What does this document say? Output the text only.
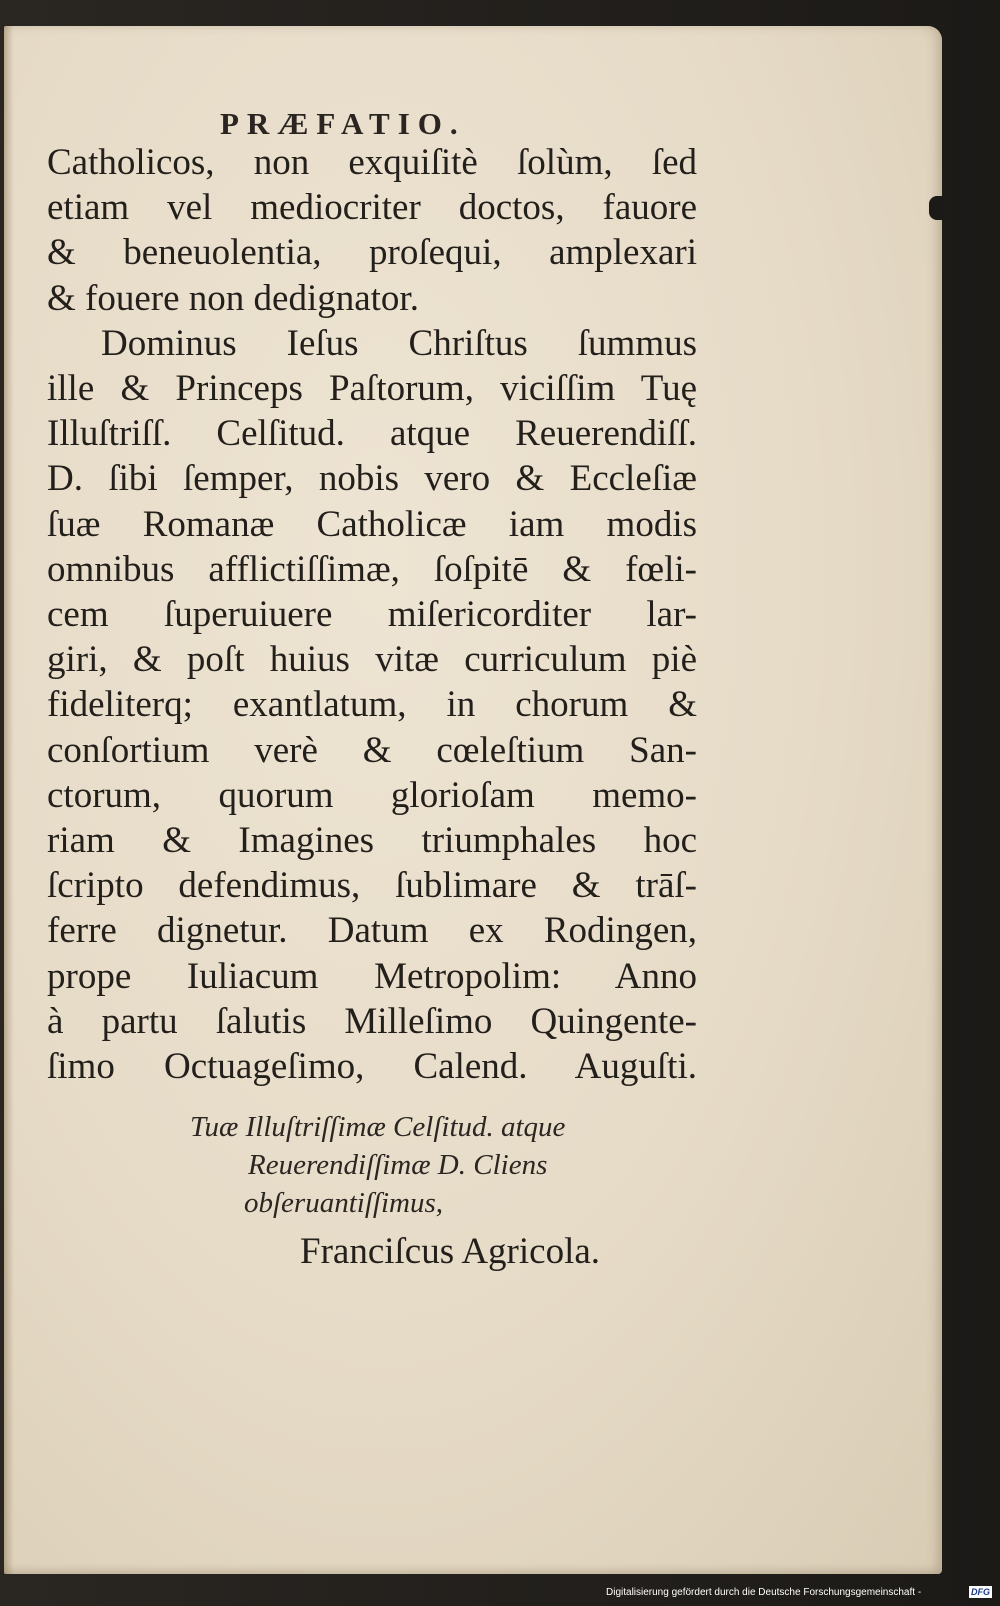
PRÆFATIO.
Catholicos, non exquiſitè ſolùm, ſed
etiam vel mediocriter doctos, fauore
& beneuolentia, proſequi, amplexari
& fouere non dedignator.
Dominus Ieſus Chriſtus ſummus
ille & Princeps Paſtorum, viciſſim Tuę
Illuſtriſſ. Celſitud. atque Reuerendiſſ.
D. ſibi ſemper, nobis vero & Eccleſiæ
ſuæ Romanæ Catholicæ iam modis
omnibus afflictiſſimæ, ſoſpitē & fœli-
cem ſuperuiuere miſericorditer lar-
giri, & poſt huius vitæ curriculum piè
fideliterq; exantlatum, in chorum &
conſortium verè & cœleſtium San-
ctorum, quorum glorioſam memo-
riam & Imagines triumphales hoc
ſcripto defendimus, ſublimare & trāſ-
ferre dignetur. Datum ex Rodingen,
prope Iuliacum Metropolim: Anno
à partu ſalutis Milleſimo Quingente-
ſimo Octuageſimo, Calend. Auguſti.
Tuæ Illuſtriſſimæ Celſitud. atque
Reuerendiſſimæ D. Cliens
obſeruantiſſimus,
Franciſcus Agricola.
Digitalisierung gefördert durch die Deutsche Forschungsgemeinschaft -	DFG
